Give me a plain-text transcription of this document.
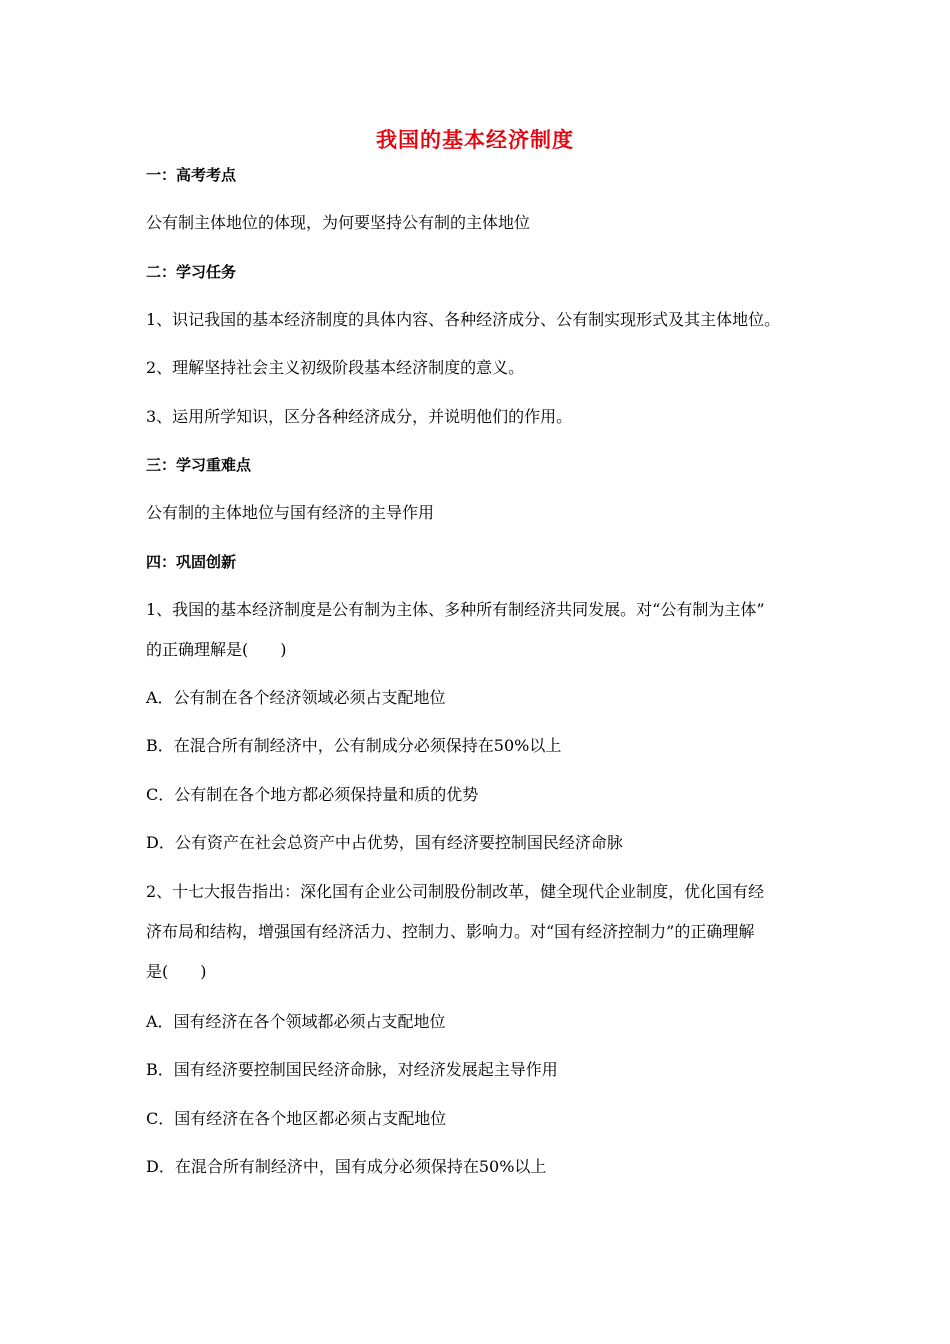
我国的基本经济制度
一：高考考点
公有制主体地位的体现，为何要坚持公有制的主体地位
二：学习任务
1、识记我国的基本经济制度的具体内容、各种经济成分、公有制实现形式及其主体地位。
2、理解坚持社会主义初级阶段基本经济制度的意义。
3、运用所学知识，区分各种经济成分，并说明他们的作用。
三：学习重难点
公有制的主体地位与国有经济的主导作用
四：巩固创新
1、我国的基本经济制度是公有制为主体、多种所有制经济共同发展。对“公有制为主体”
的正确理解是(　　)
A．公有制在各个经济领域必须占支配地位
B．在混合所有制经济中，公有制成分必须保持在50%以上
C．公有制在各个地方都必须保持量和质的优势
D．公有资产在社会总资产中占优势，国有经济要控制国民经济命脉
2、十七大报告指出：深化国有企业公司制股份制改革，健全现代企业制度，优化国有经
济布局和结构，增强国有经济活力、控制力、影响力。对“国有经济控制力”的正确理解
是(　　)
A．国有经济在各个领域都必须占支配地位
B．国有经济要控制国民经济命脉，对经济发展起主导作用
C．国有经济在各个地区都必须占支配地位
D．在混合所有制经济中，国有成分必须保持在50%以上
